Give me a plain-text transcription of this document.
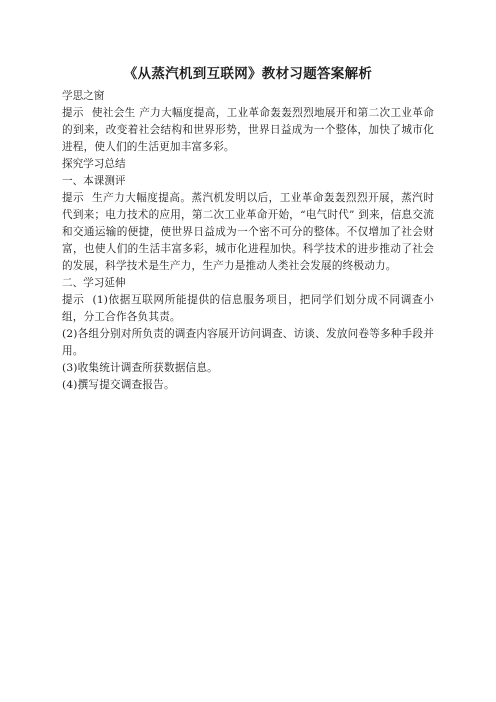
《从蒸汽机到互联网》教材习题答案解析

学思之窗

提示 使社会生 产力大幅度提高，工业革命轰轰烈烈地展开和第二次工业革命的到来，改变着社会结构和世界形势，世界日益成为一个整体，加快了城市化进程，使人们的生活更加丰富多彩。

探究学习总结

一、本课测评

提示 生产力大幅度提高。蒸汽机发明以后，工业革命轰轰烈烈开展，蒸汽时代到来；电力技术的应用，第二次工业革命开始，“电气时代” 到来，信息交流和交通运输的便捷，使世界日益成为一个密不可分的整体。不仅增加了社会财富，也使人们的生活丰富多彩，城市化进程加快。科学技术的进步推动了社会 的发展，科学技术是生产力，生产力是推动人类社会发展的终极动力。

二、学习延伸

提示 (1)依据互联网所能提供的信息服务项目，把同学们划分成不同调查小组，分工合作各负其责。

(2)各组分别对所负责的调查内容展开访问调查、访谈、发放问卷等多种手段并用。

(3)收集统计调查所获数据信息。

(4)撰写提交调查报告。
